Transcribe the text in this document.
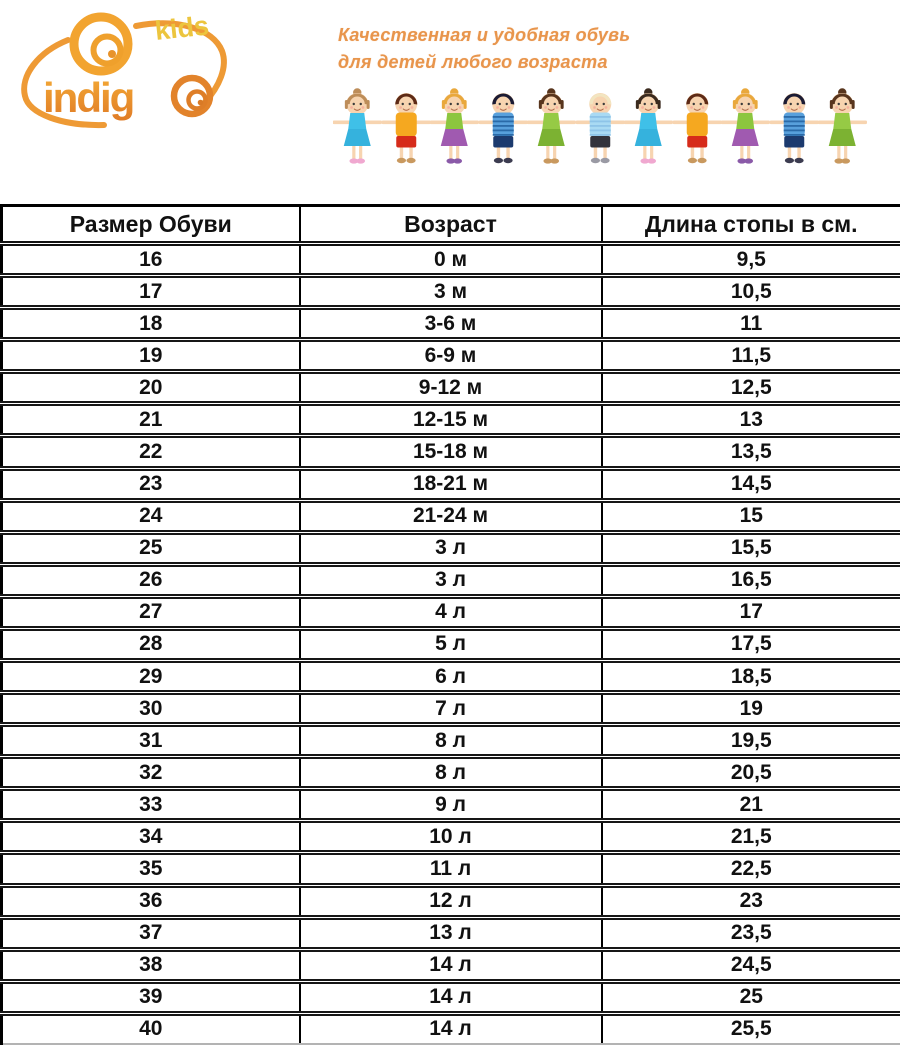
kids
indig
Качественная и удобная обувь
для детей любого возраста
Размер Обуви	Возраст	Длина стопы в см.
16	0 м	9,5
17	3 м	10,5
18	3-6 м	11
19	6-9 м	11,5
20	9-12 м	12,5
21	12-15 м	13
22	15-18 м	13,5
23	18-21 м	14,5
24	21-24 м	15
25	3 л	15,5
26	3 л	16,5
27	4 л	17
28	5 л	17,5
29	6 л	18,5
30	7 л	19
31	8 л	19,5
32	8 л	20,5
33	9 л	21
34	10 л	21,5
35	11 л	22,5
36	12 л	23
37	13 л	23,5
38	14 л	24,5
39	14 л	25
40	14 л	25,5
